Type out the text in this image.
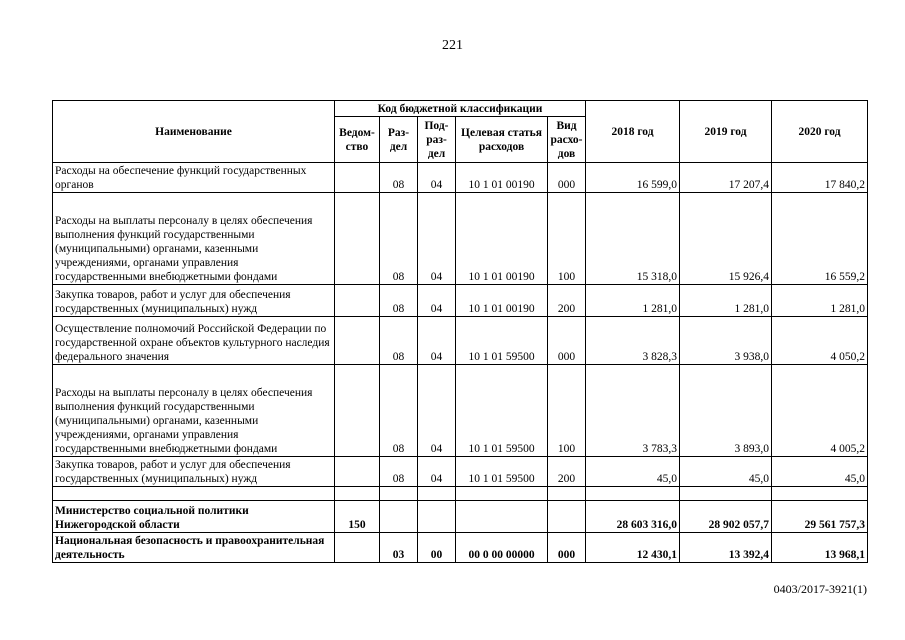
221
Наименование	Код бюджетной классификации					2018 год	2019 год	2020 год
	Ведом-ство	Раз-дел	Под-раз-дел	Целевая статья расходов	Вид расхо-дов			
Расходы на обеспечение функций государственных органов		08	04	10 1 01 00190	000	16 599,0	17 207,4	17 840,2
Расходы на выплаты персоналу в целях обеспечения выполнения функций государственными (муниципальными) органами, казенными учреждениями, органами управления государственными внебюджетными фондами		08	04	10 1 01 00190	100	15 318,0	15 926,4	16 559,2
Закупка товаров, работ и услуг для обеспечения государственных (муниципальных) нужд		08	04	10 1 01 00190	200	1 281,0	1 281,0	1 281,0
Осуществление полномочий Российской Федерации по государственной охране объектов культурного наследия федерального значения		08	04	10 1 01 59500	000	3 828,3	3 938,0	4 050,2
Расходы на выплаты персоналу в целях обеспечения выполнения функций государственными (муниципальными) органами, казенными учреждениями, органами управления государственными внебюджетными фондами		08	04	10 1 01 59500	100	3 783,3	3 893,0	4 005,2
Закупка товаров, работ и услуг для обеспечения государственных (муниципальных) нужд		08	04	10 1 01 59500	200	45,0	45,0	45,0

Министерство социальной политики Нижегородской области	150					28 603 316,0	28 902 057,7	29 561 757,3
Национальная безопасность и правоохранительная деятельность		03	00	00 0 00 00000	000	12 430,1	13 392,4	13 968,1
0403/2017-3921(1)
